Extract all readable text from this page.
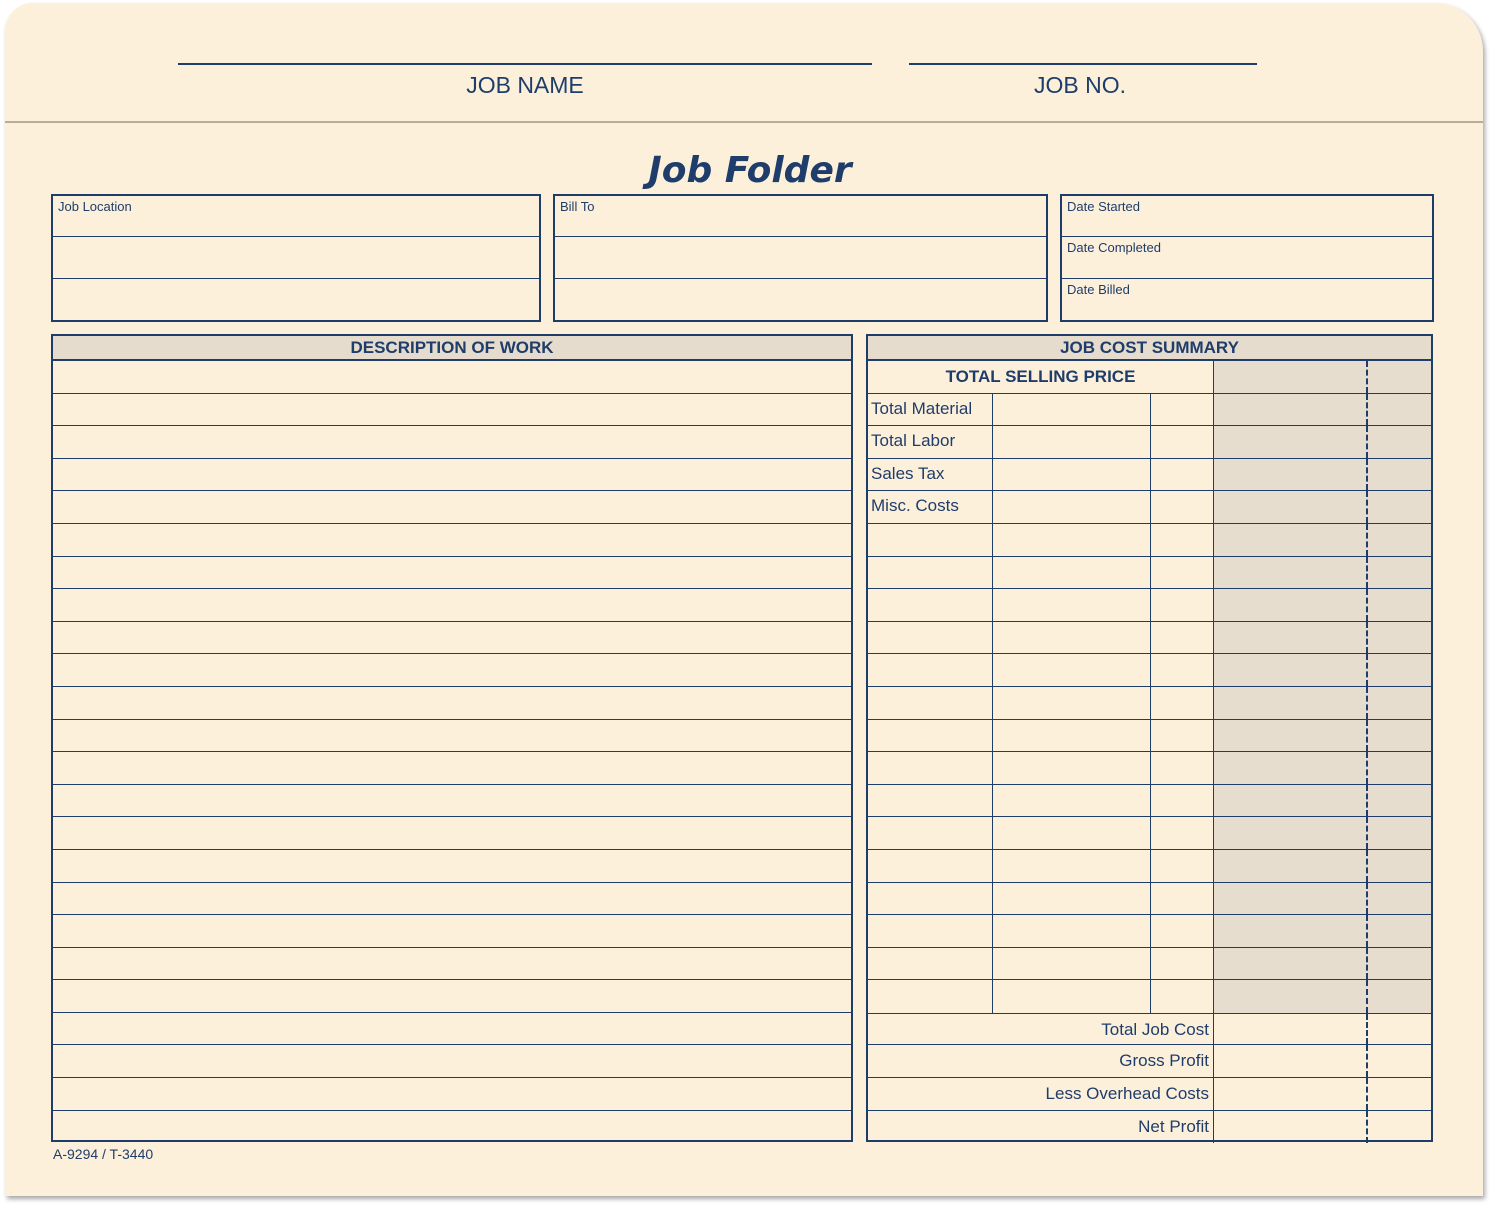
JOB NAME	JOB NO.
Job Folder
Job Location	Bill To	Date Started
Date Completed
Date Billed
DESCRIPTION OF WORK	JOB COST SUMMARY
TOTAL SELLING PRICE
Total Material
Total Labor
Sales Tax
Misc. Costs
Total Job Cost
Gross Profit
Less Overhead Costs
Net Profit
A-9294 / T-3440
